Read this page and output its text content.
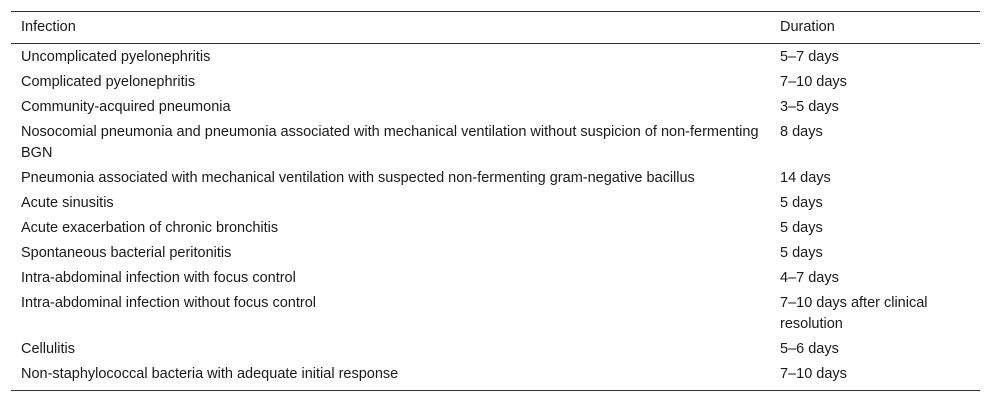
Infection	Duration
Uncomplicated pyelonephritis	5–7 days
Complicated pyelonephritis	7–10 days
Community-acquired pneumonia	3–5 days
Nosocomial pneumonia and pneumonia associated with mechanical ventilation without suspicion of non-fermenting BGN	8 days
Pneumonia associated with mechanical ventilation with suspected non-fermenting gram-negative bacillus	14 days
Acute sinusitis	5 days
Acute exacerbation of chronic bronchitis	5 days
Spontaneous bacterial peritonitis	5 days
Intra-abdominal infection with focus control	4–7 days
Intra-abdominal infection without focus control	7–10 days after clinical resolution
Cellulitis	5–6 days
Non-staphylococcal bacteria with adequate initial response	7–10 days
